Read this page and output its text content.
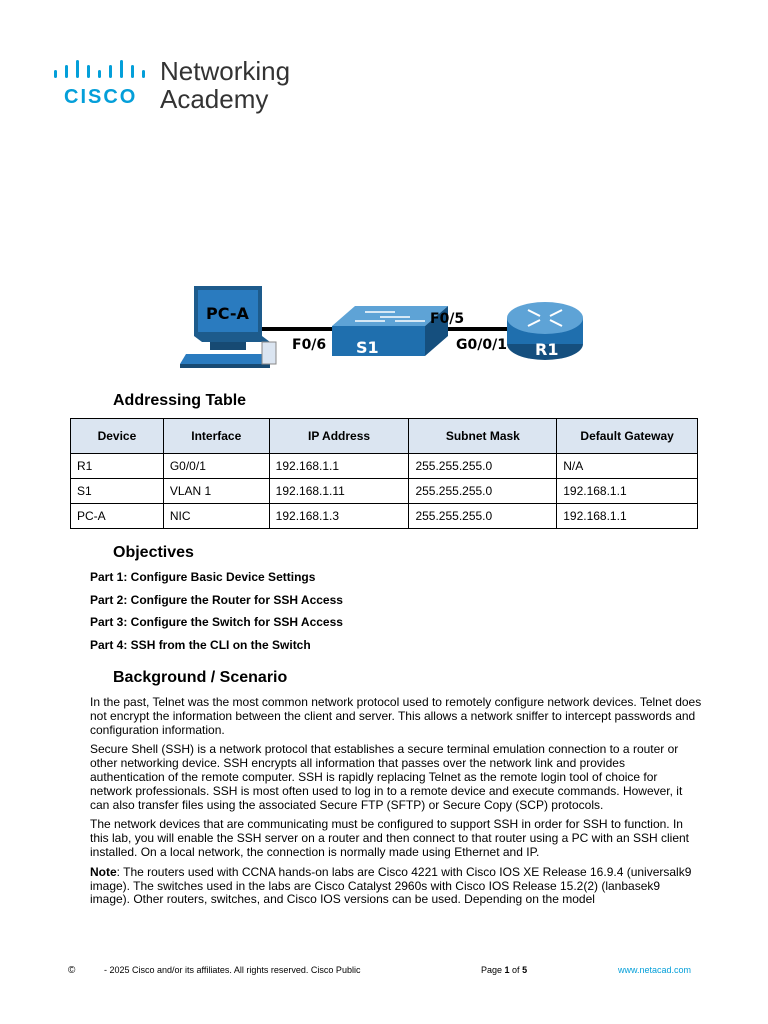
CISCO
Networking
Academy
PC-A
S1	R1
F0/6
F0/5
G0/0/1
Addressing Table
Device	Interface	IP Address	Subnet Mask	Default Gateway
R1	G0/0/1	192.168.1.1	255.255.255.0	N/A
S1	VLAN 1	192.168.1.11	255.255.255.0	192.168.1.1
PC-A	NIC	192.168.1.3	255.255.255.0	192.168.1.1
Objectives
Part 1: Configure Basic Device Settings
Part 2: Configure the Router for SSH Access
Part 3: Configure the Switch for SSH Access
Part 4: SSH from the CLI on the Switch
Background / Scenario

In the past, Telnet was the most common network protocol used to remotely configure network devices. Telnet does not encrypt the information between the client and server. This allows a network sniffer to intercept passwords and configuration information.

Secure Shell (SSH) is a network protocol that establishes a secure terminal emulation connection to a router or other networking device. SSH encrypts all information that passes over the network link and provides authentication of the remote computer. SSH is rapidly replacing Telnet as the remote login tool of choice for network professionals. SSH is most often used to log in to a remote device and execute commands. However, it can also transfer files using the associated Secure FTP (SFTP) or Secure Copy (SCP) protocols.

The network devices that are communicating must be configured to support SSH in order for SSH to function. In this lab, you will enable the SSH server on a router and then connect to that router using a PC with an SSH client installed. On a local network, the connection is normally made using Ethernet and IP.

Note: The routers used with CCNA hands-on labs are Cisco 4221 with Cisco IOS XE Release 16.9.4 (universalk9 image). The switches used in the labs are Cisco Catalyst 2960s with Cisco IOS Release 15.2(2) (lanbasek9 image). Other routers, switches, and Cisco IOS versions can be used. Depending on the model

©	- 2025 Cisco and/or its affiliates. All rights reserved. Cisco Public	Page 1 of 5	www.netacad.com
